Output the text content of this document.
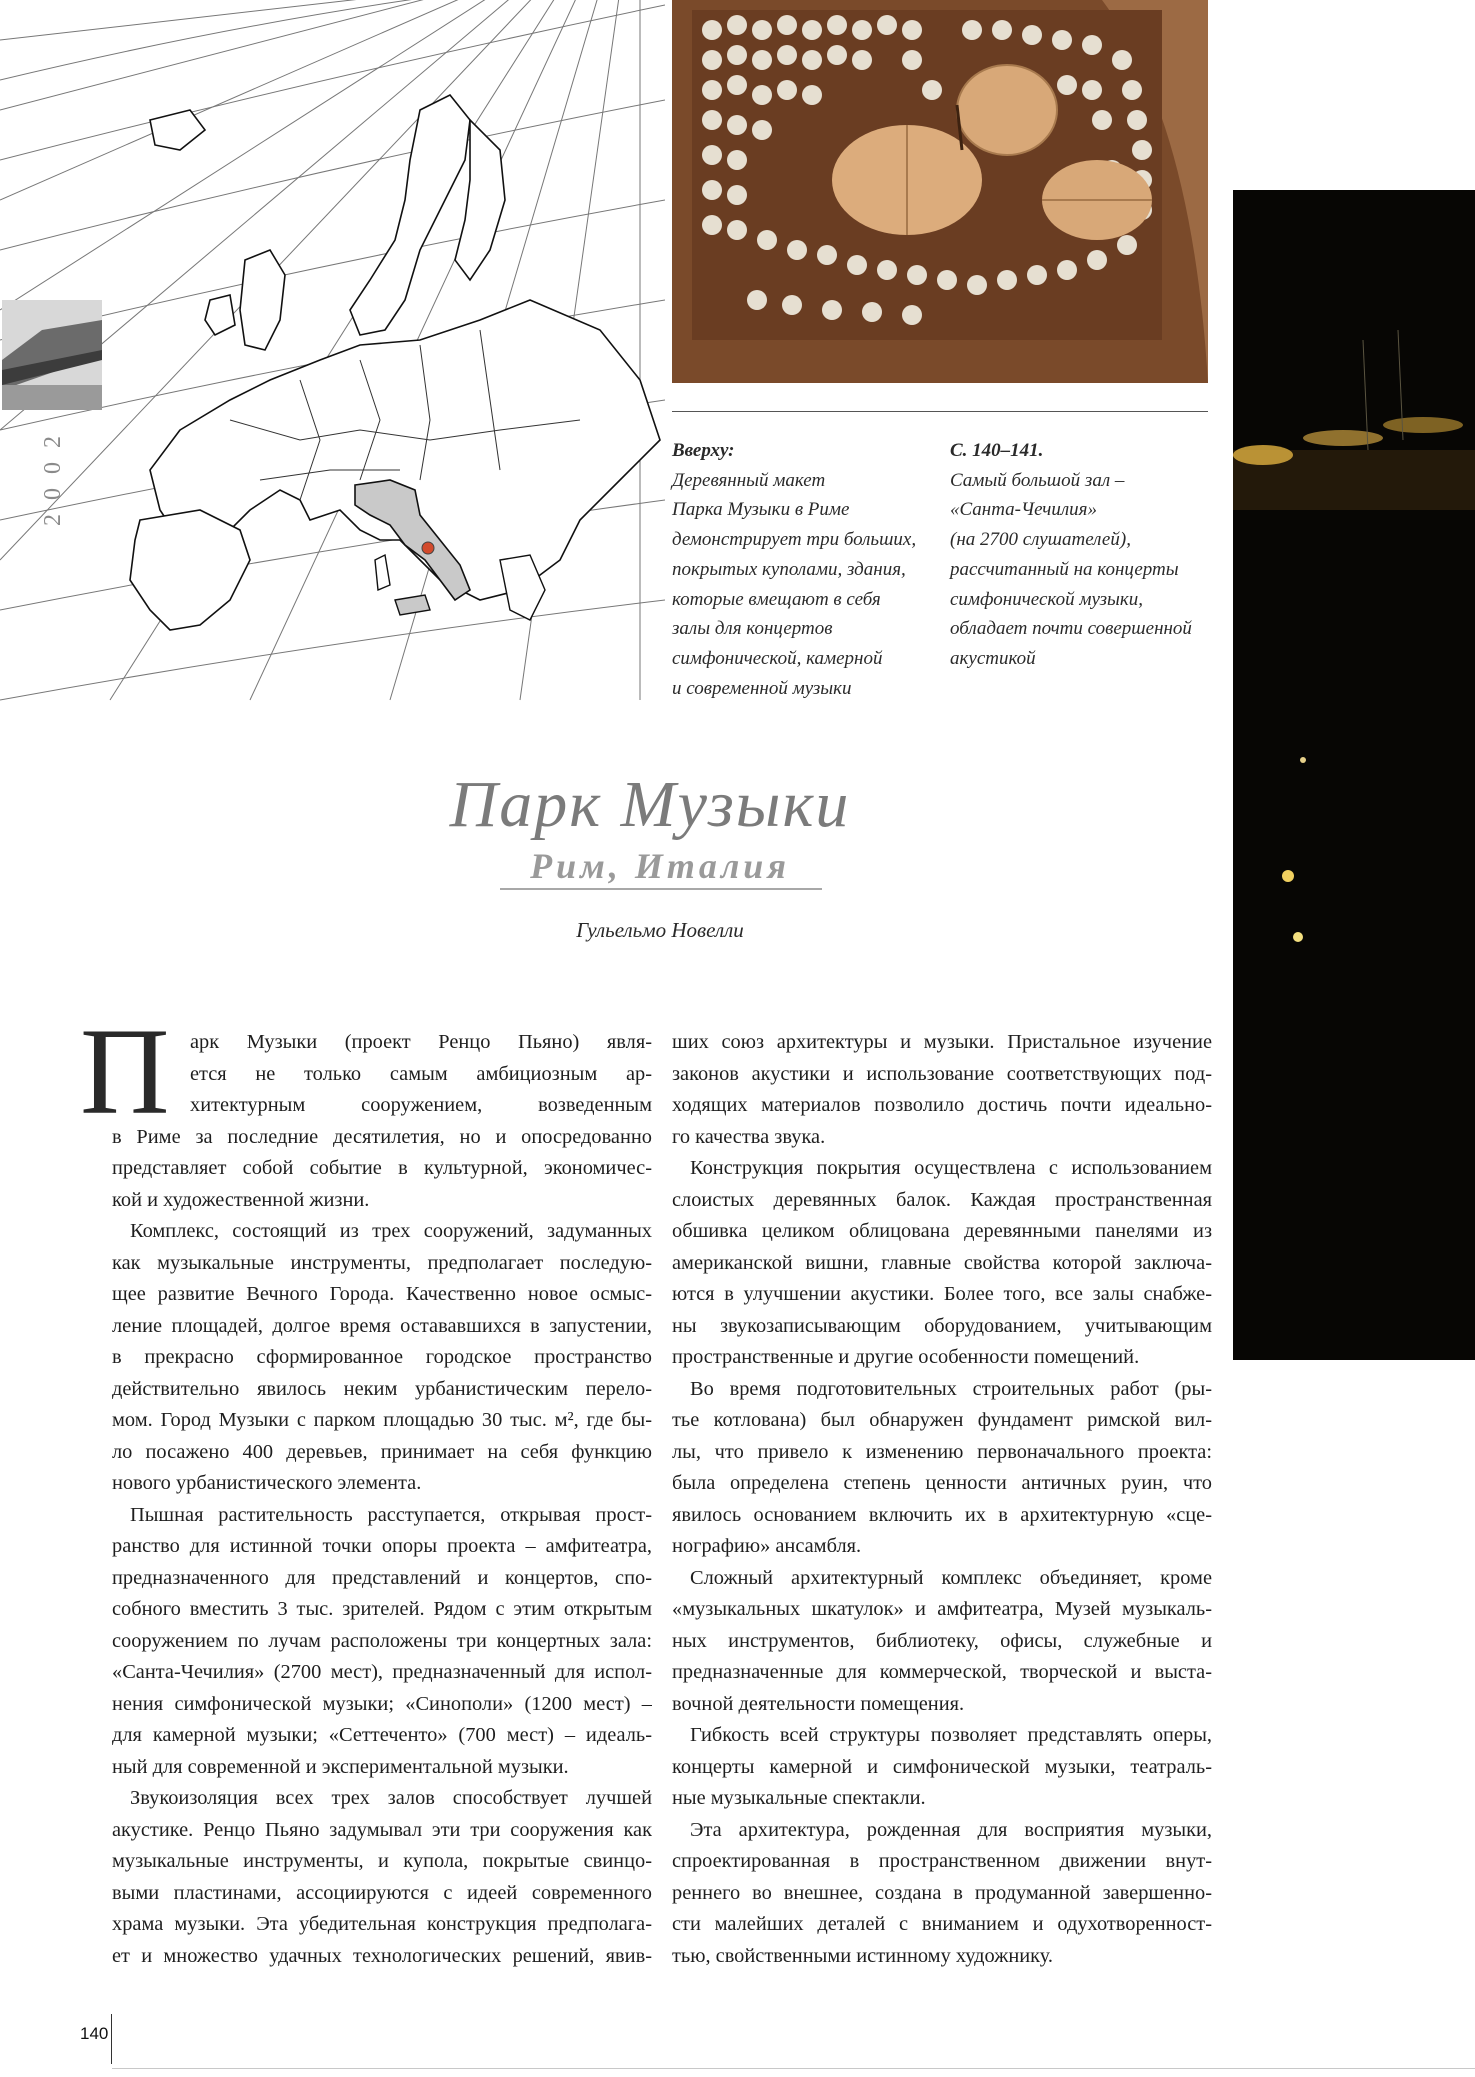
2002	Вверху:
Деревянный макет
Парка Музыки в Риме
демонстрирует три больших,
покрытых куполами, здания,
которые вмещают в себя
залы для концертов
симфонической, камерной
и современной музыки
С. 140–141.
Самый большой зал –
«Санта-Чечилия»
(на 2700 слушателей),
рассчитанный на концерты
симфонической музыки,
обладает почти совершенной
акустикой
Парк Музыки
Рим, Италия
Гульельмо Новелли
П	арк Музыки (проект Ренцо Пьяно) явля-
ется не только самым амбициозным ар-
хитектурным сооружением, возведенным
в Риме за последние десятилетия, но и опосредованно
представляет собой событие в культурной, экономичес-
кой и художественной жизни.
Комплекс, состоящий из трех сооружений, задуманных
как музыкальные инструменты, предполагает последую-
щее развитие Вечного Города. Качественно новое осмыс-
ление площадей, долгое время остававшихся в запустении,
в прекрасно сформированное городское пространство
действительно явилось неким урбанистическим перело-
мом. Город Музыки с парком площадью 30 тыс. м², где бы-
ло посажено 400 деревьев, принимает на себя функцию
нового урбанистического элемента.
Пышная растительность расступается, открывая прост-
ранство для истинной точки опоры проекта – амфитеатра,
предназначенного для представлений и концертов, спо-
собного вместить 3 тыс. зрителей. Рядом с этим открытым
сооружением по лучам расположены три концертных зала:
«Санта-Чечилия» (2700 мест), предназначенный для испол-
нения симфонической музыки; «Синополи» (1200 мест) –
для камерной музыки; «Сеттеченто» (700 мест) – идеаль-
ный для современной и экспериментальной музыки.
Звукоизоляция всех трех залов способствует лучшей
акустике. Ренцо Пьяно задумывал эти три сооружения как
музыкальные инструменты, и купола, покрытые свинцо-
выми пластинами, ассоциируются с идеей современного
храма музыки. Эта убедительная конструкция предполага-
ет и множество удачных технологических решений, явив-
ших союз архитектуры и музыки. Пристальное изучение
законов акустики и использование соответствующих под-
ходящих материалов позволило достичь почти идеально-
го качества звука.
Конструкция покрытия осуществлена с использованием
слоистых деревянных балок. Каждая пространственная
обшивка целиком облицована деревянными панелями из
американской вишни, главные свойства которой заключа-
ются в улучшении акустики. Более того, все залы снабже-
ны звукозаписывающим оборудованием, учитывающим
пространственные и другие особенности помещений.
Во время подготовительных строительных работ (ры-
тье котлована) был обнаружен фундамент римской вил-
лы, что привело к изменению первоначального проекта:
была определена степень ценности античных руин, что
явилось основанием включить их в архитектурную «сце-
нографию» ансамбля.
Сложный архитектурный комплекс объединяет, кроме
«музыкальных шкатулок» и амфитеатра, Музей музыкаль-
ных инструментов, библиотеку, офисы, служебные и
предназначенные для коммерческой, творческой и выста-
вочной деятельности помещения.
Гибкость всей структуры позволяет представлять оперы,
концерты камерной и симфонической музыки, театраль-
ные музыкальные спектакли.
Эта архитектура, рожденная для восприятия музыки,
спроектированная в пространственном движении внут-
реннего во внешнее, создана в продуманной завершенно-
сти малейших деталей с вниманием и одухотворенност-
тью, свойственными истинному художнику.
140
